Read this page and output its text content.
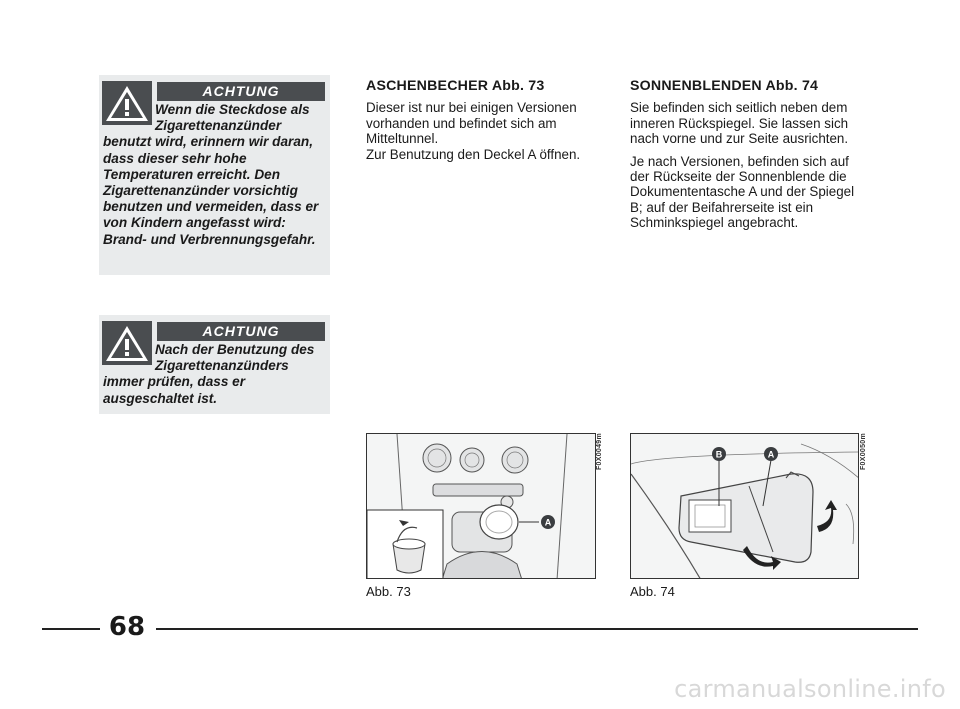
ACHTUNG
Wenn die Steckdose als Zigarettenanzünder benutzt wird, erinnern wir daran, dass dieser sehr hohe Temperaturen erreicht. Den Zigarettenanzünder vorsichtig benutzen und vermeiden, dass er von Kindern angefasst wird: Brand- und Verbrennungsgefahr.
ACHTUNG
Nach der Benutzung des Zigarettenanzünders immer prüfen, dass er ausgeschaltet ist.
ASCHENBECHER Abb. 73

Dieser ist nur bei einigen Versionen vorhanden und befindet sich am Mitteltunnel.

Zur Benutzung den Deckel A öffnen.

SONNENBLENDEN Abb. 74

Sie befinden sich seitlich neben dem inneren Rückspiegel. Sie lassen sich nach vorne und zur Seite ausrichten.

Je nach Versionen, befinden sich auf der Rückseite der Sonnenblende die Dokumententasche A und der Spiegel B; auf der Beifahrerseite ist ein Schminkspiegel angebracht.

A
F0X0049m
Abb. 73
B	A	F0X0050m
Abb. 74
68
carmanualsonline.info
